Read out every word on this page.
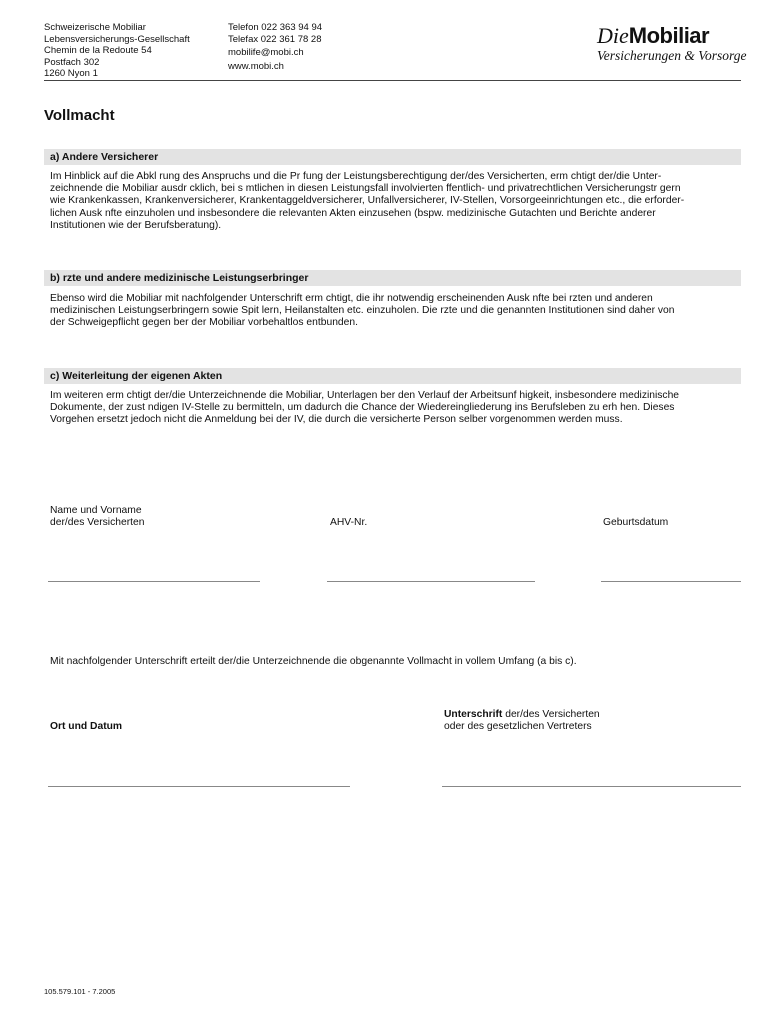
Schweizerische Mobiliar
Lebensversicherungs-Gesellschaft
Chemin de la Redoute 54
Postfach 302
1260 Nyon 1
Telefon 022 363 94 94
Telefax 022 361 78 28
mobilife@mobi.ch
www.mobi.ch
DieMobiliar
Versicherungen & Vorsorge
Vollmacht
a) Andere Versicherer
Im Hinblick auf die Abkl rung des Anspruchs und die Pr fung der Leistungsberechtigung der/des Versicherten, erm chtigt der/die Unter-
zeichnende die Mobiliar ausdr cklich, bei s mtlichen in diesen Leistungsfall involvierten ffentlich- und privatrechtlichen Versicherungstr gern
wie Krankenkassen, Krankenversicherer, Krankentaggeldversicherer, Unfallversicherer, IV-Stellen, Vorsorgeeinrichtungen etc., die erforder-
lichen Ausk nfte einzuholen und insbesondere die relevanten Akten einzusehen (bspw. medizinische Gutachten und Berichte anderer
Institutionen wie der Berufsberatung).
b) rzte und andere medizinische Leistungserbringer
Ebenso wird die Mobiliar mit nachfolgender Unterschrift erm chtigt, die ihr notwendig erscheinenden Ausk nfte bei rzten und anderen
medizinischen Leistungserbringern sowie Spit lern, Heilanstalten etc. einzuholen. Die rzte und die genannten Institutionen sind daher von
der Schweigepflicht gegen ber der Mobiliar vorbehaltlos entbunden.
c) Weiterleitung der eigenen Akten
Im weiteren erm chtigt der/die Unterzeichnende die Mobiliar, Unterlagen ber den Verlauf der Arbeitsunf higkeit, insbesondere medizinische
Dokumente, der zust ndigen IV-Stelle zu bermitteln, um dadurch die Chance der Wiedereingliederung ins Berufsleben zu erh hen. Dieses
Vorgehen ersetzt jedoch nicht die Anmeldung bei der IV, die durch die versicherte Person selber vorgenommen werden muss.
Name und Vorname
der/des Versicherten	AHV-Nr.	Geburtsdatum
Mit nachfolgender Unterschrift erteilt der/die Unterzeichnende die obgenannte Vollmacht in vollem Umfang (a bis c).
Ort und Datum
Unterschrift der/des Versicherten
oder des gesetzlichen Vertreters
105.579.101 - 7.2005
